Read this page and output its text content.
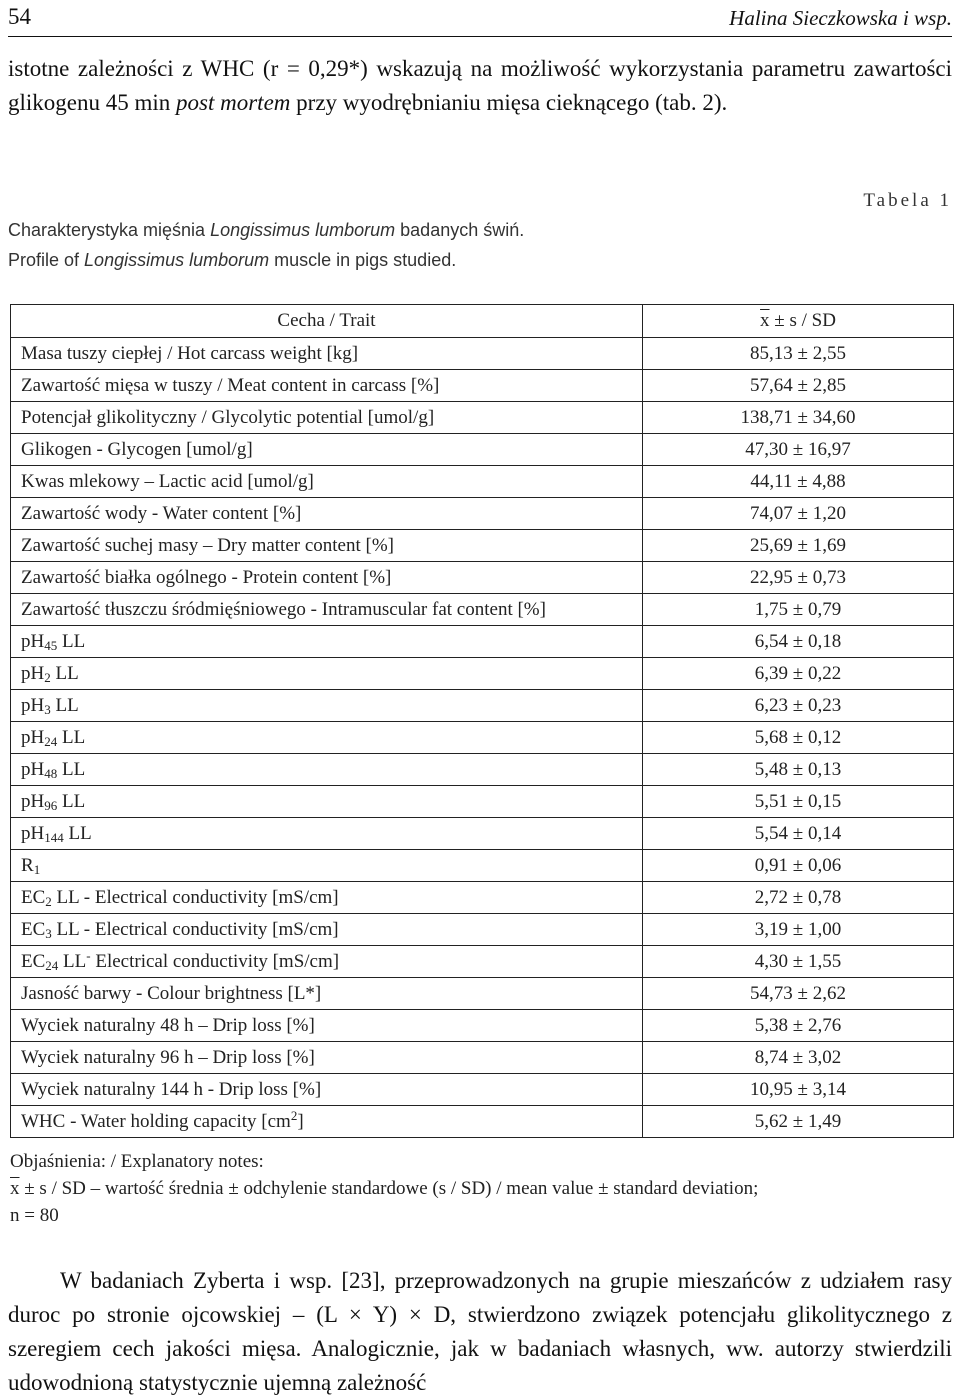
54	Halina Sieczkowska i wsp.

istotne zależności z WHC (r = 0,29*) wskazują na możliwość wykorzystania parametru zawartości glikogenu 45 min post mortem przy wyodrębnianiu mięsa cieknącego (tab. 2).

Tabela 1
Charakterystyka mięśnia Longissimus lumborum badanych świń.
Profile of Longissimus lumborum muscle in pigs studied.
Cecha / Trait	$\overline{x} \pm s$ / SD
Masa tuszy ciepłej / Hot carcass weight [kg]	85,13 ± 2,55
Zawartość mięsa w tuszy / Meat content in carcass [%]	57,64 ± 2,85
Potencjał glikolityczny / Glycolytic potential [umol/g]	138,71 ± 34,60
Glikogen - Glycogen [umol/g]	47,30 ± 16,97
Kwas mlekowy – Lactic acid [umol/g]	44,11 ± 4,88
Zawartość wody - Water content [%]	74,07 ± 1,20
Zawartość suchej masy – Dry matter content [%]	25,69 ± 1,69
Zawartość białka ogólnego - Protein content [%]	22,95 ± 0,73
Zawartość tłuszczu śródmięśniowego - Intramuscular fat content [%]	1,75 ± 0,79
$pH_{45}$ LL	6,54 ± 0,18
$pH_2$ LL	6,39 ± 0,22
$pH_3$ LL	6,23 ± 0,23
$pH_{24}$ LL	5,68 ± 0,12
$pH_{48}$ LL	5,48 ± 0,13
$pH_{96}$ LL	5,51 ± 0,15
$pH_{144}$ LL	5,54 ± 0,14
$R_1$	0,91 ± 0,06
$EC_2$ LL - Electrical conductivity [mS/cm]	2,72 ± 0,78
$EC_3$ LL - Electrical conductivity [mS/cm]	3,19 ± 1,00
$EC_{24}$ LL- Electrical conductivity [mS/cm]	4,30 ± 1,55
Jasność barwy - Colour brightness [L*]	54,73 ± 2,62
Wyciek naturalny 48 h – Drip loss [%]	5,38 ± 2,76
Wyciek naturalny 96 h – Drip loss [%]	8,74 ± 3,02
Wyciek naturalny 144 h - Drip loss [%]	10,95 ± 3,14
WHC - Water holding capacity $[cm^2]$	5,62 ± 1,49

Objaśnienia: / Explanatory notes:

$\overline{x} \pm s$ / SD – wartość średnia ± odchylenie standardowe (s / SD) / mean value ± standard deviation;

n = 80

W badaniach Zyberta i wsp. [23], przeprowadzonych na grupie mieszańców z udziałem rasy duroc po stronie ojcowskiej – (L × Y) × D, stwierdzono związek potencjału glikolitycznego z szeregiem cech jakości mięsa. Analogicznie, jak w badaniach własnych, ww. autorzy stwierdzili udowodnioną statystycznie ujemną zależność
